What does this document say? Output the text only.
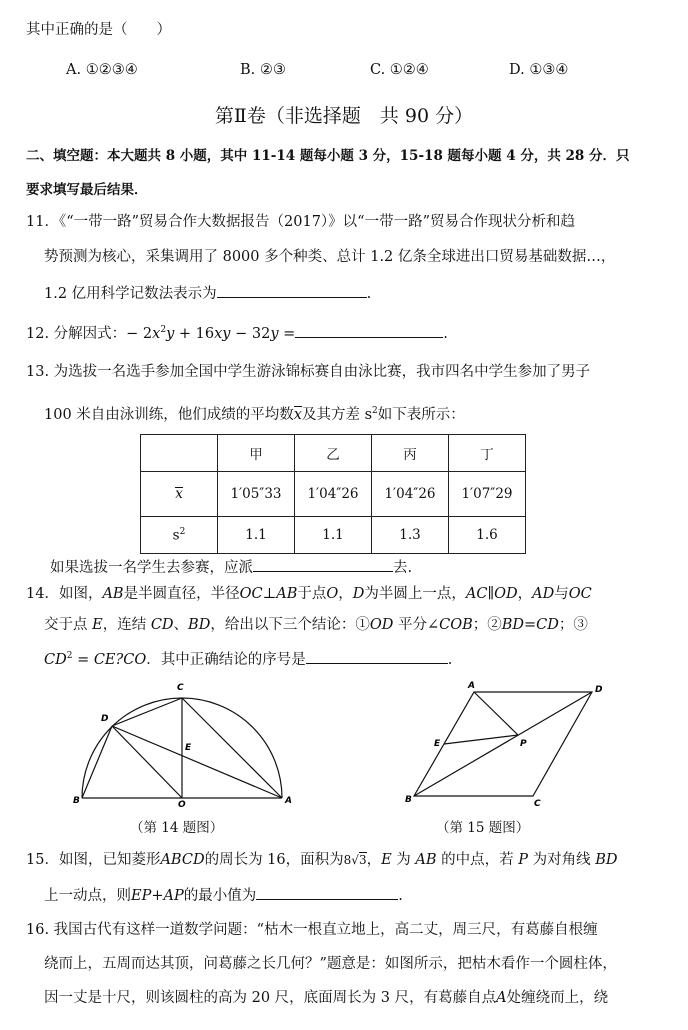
其中正确的是（　　）
A. ①②③④	B. ②③	C. ①②④	D. ①③④
第Ⅱ卷（非选择题　共 90 分）
二、填空题：本大题共 8 小题，其中 11-14 题每小题 3 分，15-18 题每小题 4 分，共 28 分．只
要求填写最后结果．
11．《“一带一路”贸易合作大数据报告（2017）》以“一带一路”贸易合作现状分析和趋
势预测为核心，采集调用了 8000 多个种类、总计 1.2 亿条全球进出口贸易基础数据…，
1.2 亿用科学记数法表示为	.
12. 分解因式：− $2x^2y + 16xy - 32y$ =	.
13. 为选拔一名选手参加全国中学生游泳锦标赛自由泳比赛，我市四名中学生参加了男子
100 米自由泳训练，他们成绩的平均数x及其方差 $s^2$如下表所示：
	甲	乙	丙	丁
x	1′05″33	1′04″26	1′04″26	1′07″29
$s^2$	1.1	1.1	1.3	1.6
如果选拔一名学生去参赛，应派	去.
14．如图，AB是半圆直径，半径OC⊥AB于点O，D为半圆上一点，AC∥OD，AD与OC
交于点 E，连结 CD、BD，给出以下三个结论：①OD 平分∠COB；②BD=CD；③
$CD^2$ = CE?CO．其中正确结论的序号是	.
C
D
E
B	O	A
（第 14 题图）
A	D
E	P
B	C
（第 15 题图）
15．如图，已知菱形ABCD的周长为 16，面积为8√3，E 为 AB 的中点，若 P 为对角线 BD
上一动点，则EP+AP的最小值为	.
16. 我国古代有这样一道数学问题：“枯木一根直立地上，高二丈，周三尺，有葛藤自根缠
绕而上，五周而达其顶，问葛藤之长几何？”题意是：如图所示，把枯木看作一个圆柱体，
因一丈是十尺，则该圆柱的高为 20 尺，底面周长为 3 尺，有葛藤自点A处缠绕而上，绕
